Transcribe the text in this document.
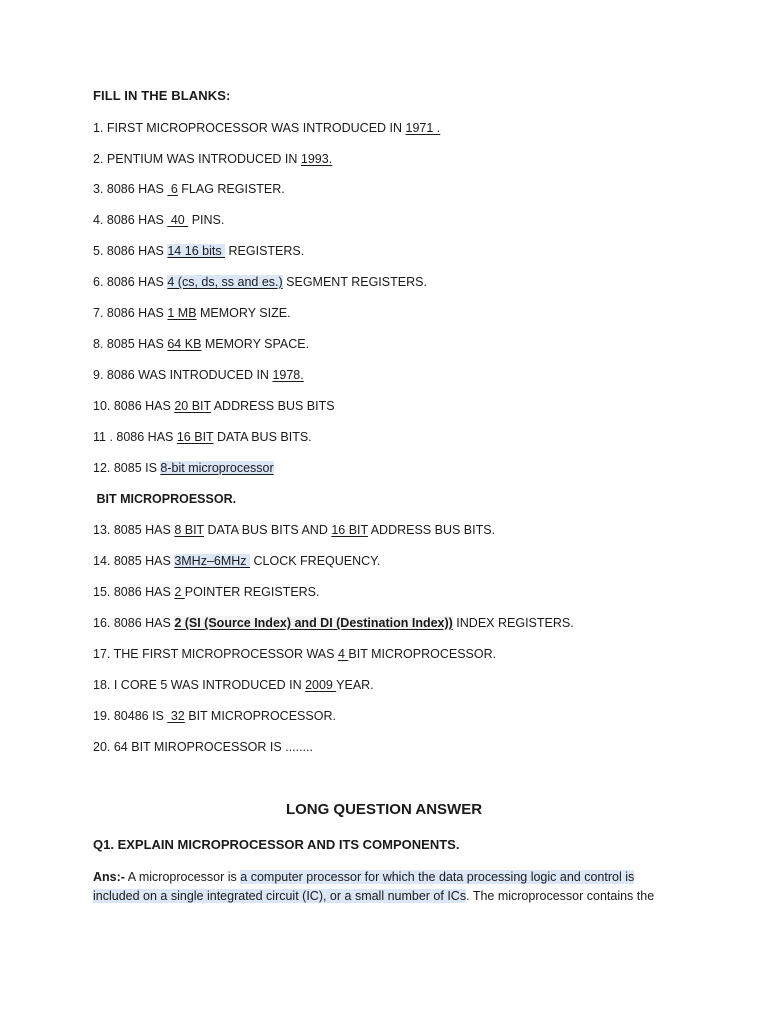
FILL IN THE BLANKS:
1. FIRST MICROPROCESSOR WAS INTRODUCED IN 1971 .
2. PENTIUM WAS INTRODUCED IN 1993.
3. 8086 HAS  6 FLAG REGISTER.
4. 8086 HAS  40  PINS.
5. 8086 HAS 14 16 bits  REGISTERS.
6. 8086 HAS 4 (cs, ds, ss and es.) SEGMENT REGISTERS.
7. 8086 HAS 1 MB MEMORY SIZE.
8. 8085 HAS 64 KB MEMORY SPACE.
9. 8086 WAS INTRODUCED IN 1978.
10. 8086 HAS 20 BIT ADDRESS BUS BITS
11 . 8086 HAS 16 BIT DATA BUS BITS.
12. 8085 IS 8-bit microprocessor
BIT MICROPROESSOR.
13. 8085 HAS 8 BIT DATA BUS BITS AND 16 BIT ADDRESS BUS BITS.
14. 8085 HAS 3MHz–6MHz  CLOCK FREQUENCY.
15. 8086 HAS 2 POINTER REGISTERS.
16. 8086 HAS 2 (SI (Source Index) and DI (Destination Index)) INDEX REGISTERS.
17. THE FIRST MICROPROCESSOR WAS 4 BIT MICROPROCESSOR.
18. I CORE 5 WAS INTRODUCED IN 2009 YEAR.
19. 80486 IS  32 BIT MICROPROCESSOR.
20. 64 BIT MIROPROCESSOR IS ........
LONG QUESTION ANSWER
Q1. EXPLAIN MICROPROCESSOR AND ITS COMPONENTS.
Ans:- A microprocessor is a computer processor for which the data processing logic and control is included on a single integrated circuit (IC), or a small number of ICs. The microprocessor contains the
